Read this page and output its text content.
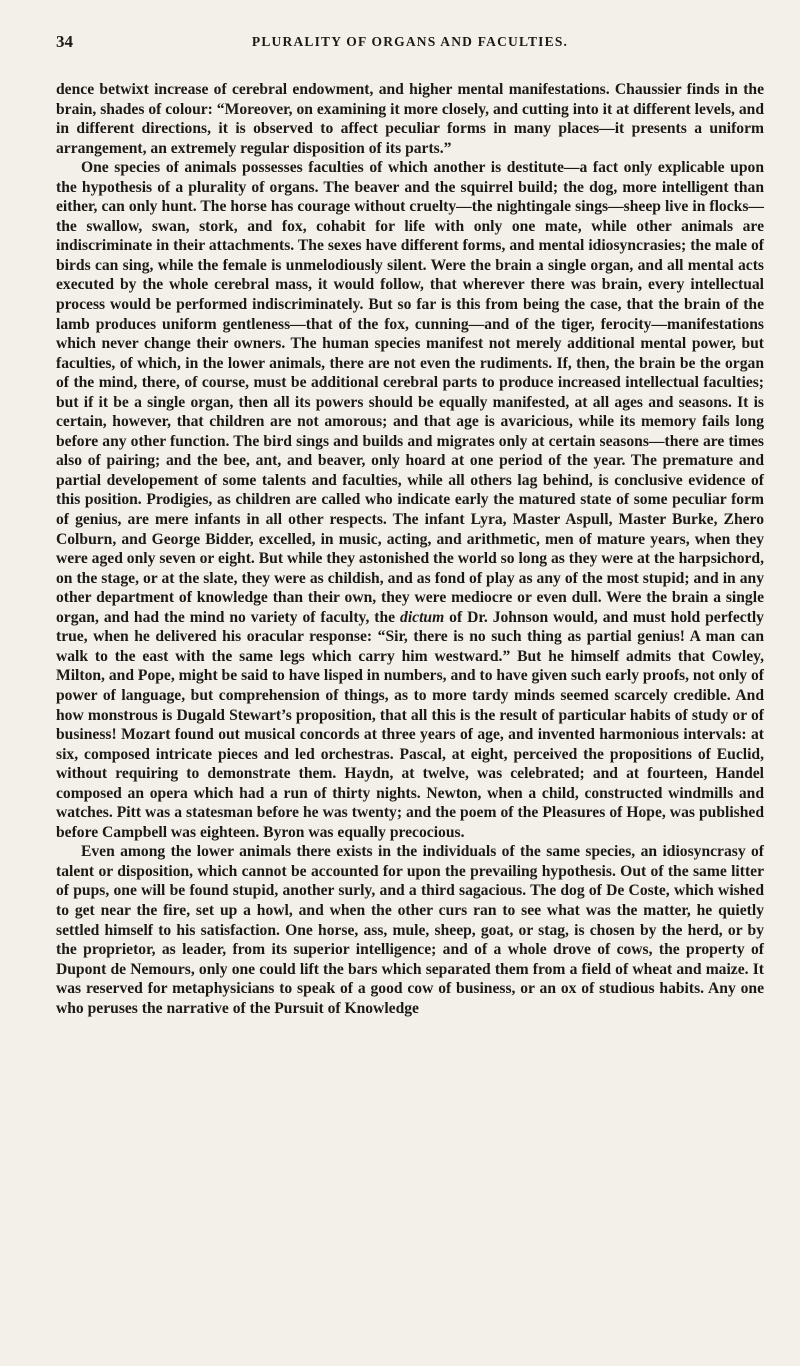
34	PLURALITY OF ORGANS AND FACULTIES.

dence betwixt increase of cerebral endowment, and higher mental manifestations. Chaussier finds in the brain, shades of colour: “Moreover, on examining it more closely, and cutting into it at different levels, and in different directions, it is observed to affect peculiar forms in many places—it presents a uniform arrangement, an extremely regular disposition of its parts.”

One species of animals possesses faculties of which another is destitute—a fact only explicable upon the hypothesis of a plurality of organs. The beaver and the squirrel build; the dog, more intelligent than either, can only hunt. The horse has courage without cruelty—the nightingale sings—sheep live in flocks—the swallow, swan, stork, and fox, cohabit for life with only one mate, while other animals are indiscriminate in their attachments. The sexes have different forms, and mental idiosyncrasies; the male of birds can sing, while the female is unmelodiously silent. Were the brain a single organ, and all mental acts executed by the whole cerebral mass, it would follow, that wherever there was brain, every intellectual process would be performed indiscriminately. But so far is this from being the case, that the brain of the lamb produces uniform gentleness—that of the fox, cunning—and of the tiger, ferocity—manifestations which never change their owners. The human species manifest not merely additional mental power, but faculties, of which, in the lower animals, there are not even the rudiments. If, then, the brain be the organ of the mind, there, of course, must be additional cerebral parts to produce increased intellectual faculties; but if it be a single organ, then all its powers should be equally manifested, at all ages and seasons. It is certain, however, that children are not amorous; and that age is avaricious, while its memory fails long before any other function. The bird sings and builds and migrates only at certain seasons—there are times also of pairing; and the bee, ant, and beaver, only hoard at one period of the year. The premature and partial developement of some talents and faculties, while all others lag behind, is conclusive evidence of this position. Prodigies, as children are called who indicate early the matured state of some peculiar form of genius, are mere infants in all other respects. The infant Lyra, Master Aspull, Master Burke, Zhero Colburn, and George Bidder, excelled, in music, acting, and arithmetic, men of mature years, when they were aged only seven or eight. But while they astonished the world so long as they were at the harpsichord, on the stage, or at the slate, they were as childish, and as fond of play as any of the most stupid; and in any other department of knowledge than their own, they were mediocre or even dull. Were the brain a single organ, and had the mind no variety of faculty, the dictum of Dr. Johnson would, and must hold perfectly true, when he delivered his oracular response: “Sir, there is no such thing as partial genius! A man can walk to the east with the same legs which carry him westward.” But he himself admits that Cowley, Milton, and Pope, might be said to have lisped in numbers, and to have given such early proofs, not only of power of language, but comprehension of things, as to more tardy minds seemed scarcely credible. And how monstrous is Dugald Stewart’s proposition, that all this is the result of particular habits of study or of business! Mozart found out musical concords at three years of age, and invented harmonious intervals: at six, composed intricate pieces and led orchestras. Pascal, at eight, perceived the propositions of Euclid, without requiring to demonstrate them. Haydn, at twelve, was celebrated; and at fourteen, Handel composed an opera which had a run of thirty nights. Newton, when a child, constructed windmills and watches. Pitt was a statesman before he was twenty; and the poem of the Pleasures of Hope, was published before Campbell was eighteen. Byron was equally precocious.

Even among the lower animals there exists in the individuals of the same species, an idiosyncrasy of talent or disposition, which cannot be accounted for upon the prevailing hypothesis. Out of the same litter of pups, one will be found stupid, another surly, and a third sagacious. The dog of De Coste, which wished to get near the fire, set up a howl, and when the other curs ran to see what was the matter, he quietly settled himself to his satisfaction. One horse, ass, mule, sheep, goat, or stag, is chosen by the herd, or by the proprietor, as leader, from its superior intelligence; and of a whole drove of cows, the property of Dupont de Nemours, only one could lift the bars which separated them from a field of wheat and maize. It was reserved for metaphysicians to speak of a good cow of business, or an ox of studious habits. Any one who peruses the narrative of the Pursuit of Knowledge
